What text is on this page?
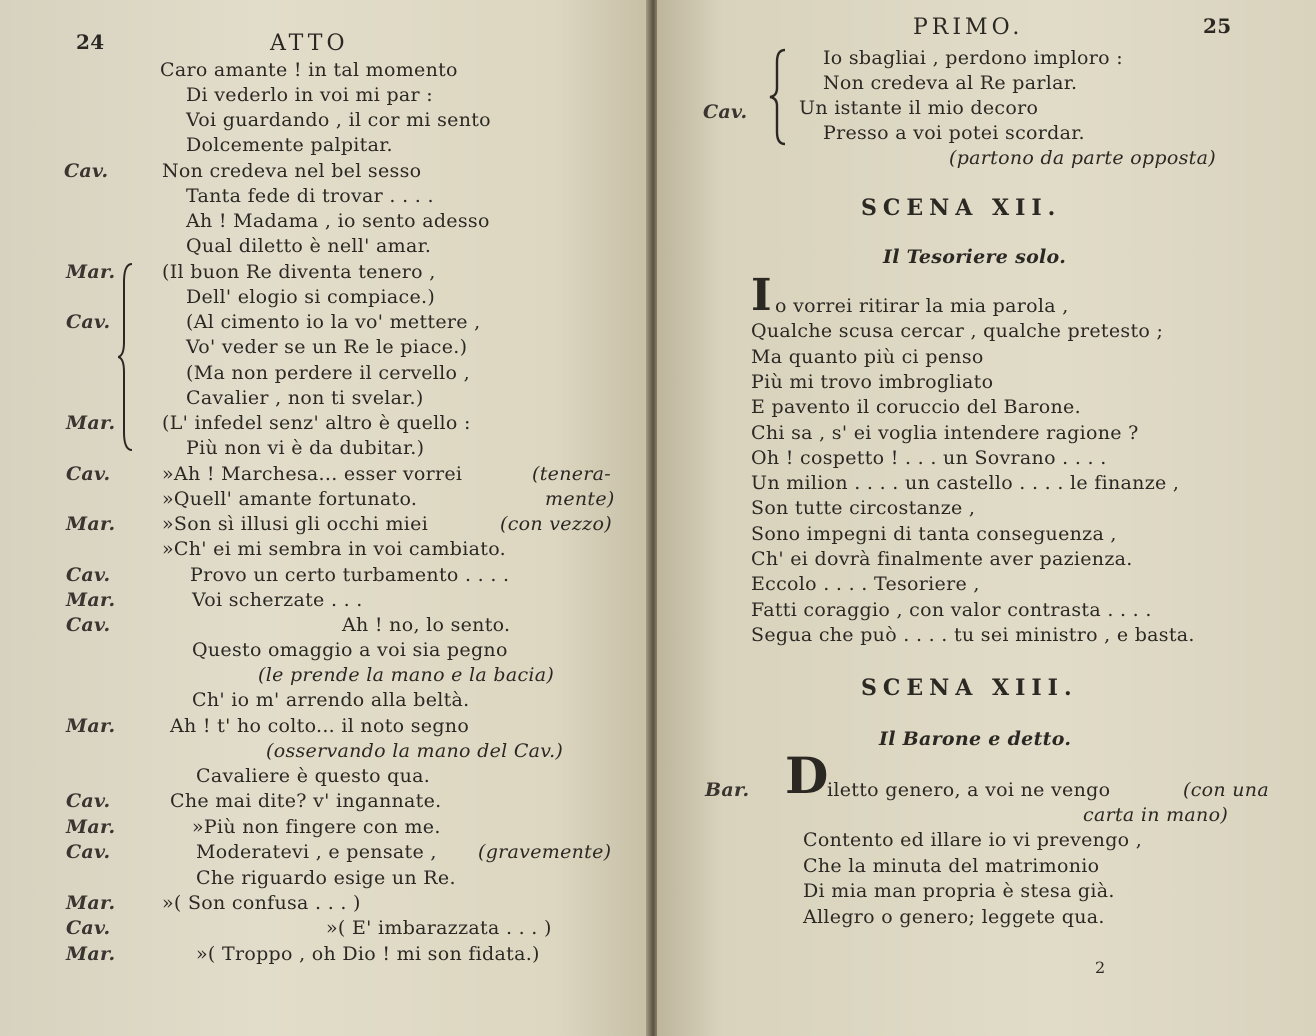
24	ATTO
Caro amante ! in tal momento
Di vederlo in voi mi par :
Voi guardando , il cor mi sento
Dolcemente palpitar.
Cav.	Non credeva nel bel sesso
Tanta fede di trovar . . . .
Ah ! Madama , io sento adesso
Qual diletto è nell' amar.
Mar. (Il buon Re diventa tenero ,
Dell' elogio si compiace.)
Cav.	(Al cimento io la vo' mettere ,
Vo' veder se un Re le piace.)
(Ma non perdere il cervello ,
Cavalier , non ti svelar.)
Mar. (L' infedel senz' altro è quello :
Più non vi è da dubitar.)
Cav.	»Ah ! Marchesa... esser vorrei	(tenera-
»Quell' amante fortunato.	mente)
Mar. »Son sì illusi gli occhi miei	(con vezzo)
»Ch' ei mi sembra in voi cambiato.
Cav.	Provo un certo turbamento . . . .
Mar.	Voi scherzate . . .
Cav.	Ah ! no, lo sento.
Questo omaggio a voi sia pegno
(le prende la mano e la bacia)
Ch' io m' arrendo alla beltà.
Mar.	Ah ! t' ho colto... il noto segno
(osservando la mano del Cav.)
Cavaliere è questo qua.
Cav.	Che mai dite? v' ingannate.
Mar.	»Più non fingere con me.
Cav.	Moderatevi , e pensate , (gravemente)
Che riguardo esige un Re.
Mar. »( Son confusa . . . )
Cav.	»( E' imbarazzata . . . )
Mar.	»( Troppo , oh Dio ! mi son fidata.)
PRIMO.	25
Cav.
Io sbagliai , perdono imploro :
Non credeva al Re parlar.
Un istante il mio decoro
Presso a voi potei scordar.
(partono da parte opposta)
SCENA XII.
Il Tesoriere solo.
I o vorrei ritirar la mia parola ,
Qualche scusa cercar , qualche pretesto ;
Ma quanto più ci penso
Più mi trovo imbrogliato
E pavento il coruccio del Barone.
Chi sa , s' ei voglia intendere ragione ?
Oh ! cospetto ! . . . un Sovrano . . . .
Un milion . . . . un castello . . . . le finanze ,
Son tutte circostanze ,
Sono impegni di tanta conseguenza ,
Ch' ei dovrà finalmente aver pazienza.
Eccolo . . . . Tesoriere ,
Fatti coraggio , con valor contrasta . . . .
Segua che può . . . . tu sei ministro , e basta.
SCENA XIII.
Il Barone e detto.
Bar. D
iletto genero, a voi ne vengo	(con una
carta in mano)
Contento ed illare io vi prevengo ,
Che la minuta del matrimonio
Di mia man propria è stesa già.
Allegro o genero; leggete qua.
2
